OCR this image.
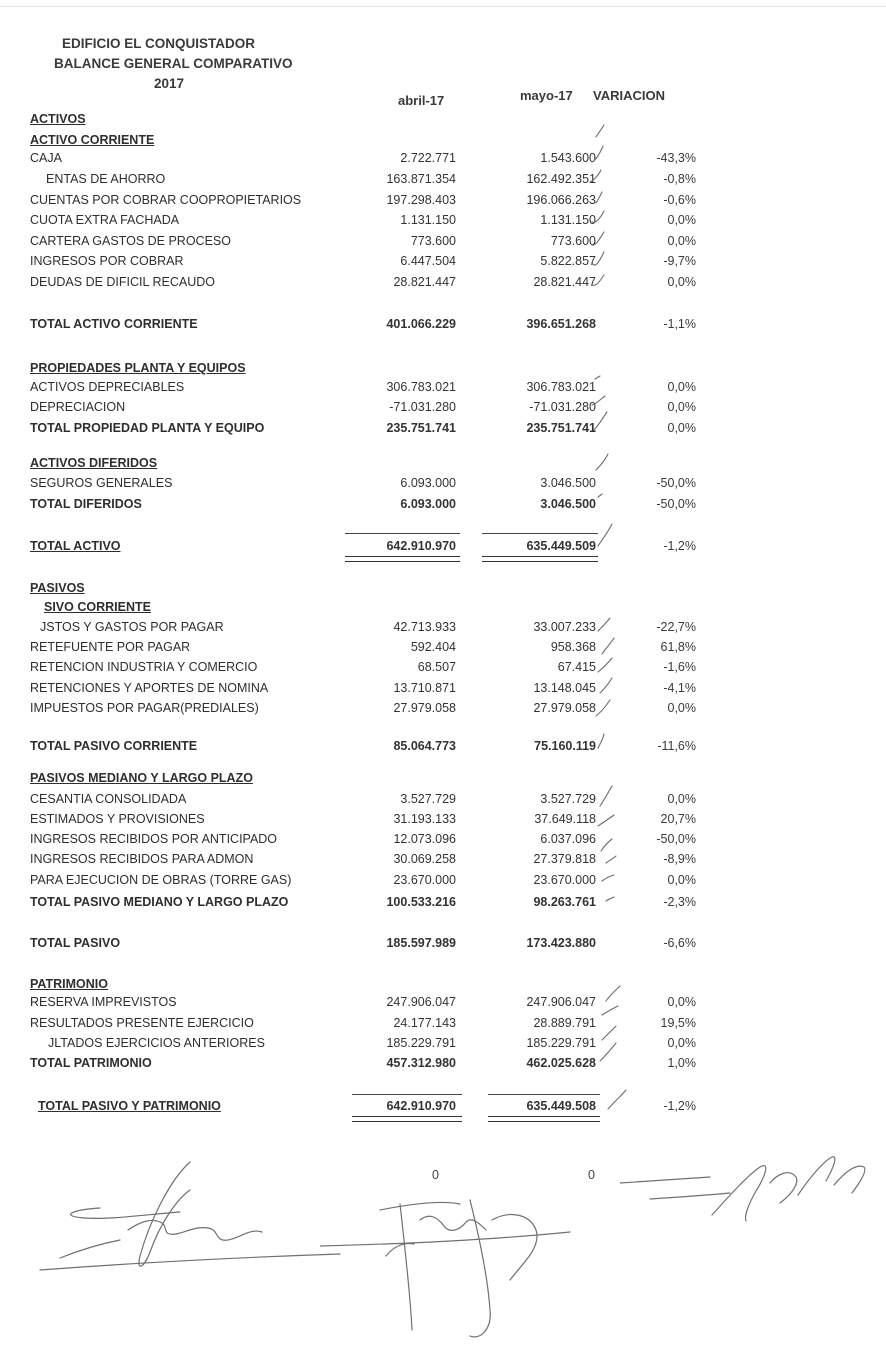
EDIFICIO EL CONQUISTADOR
BALANCE GENERAL COMPARATIVO
2017
abril-17	mayo-17 VARIACION
ACTIVOS
ACTIVO CORRIENTE
CAJA	2.722.771	1.543.600	-43,3%
ENTAS DE AHORRO	163.871.354	162.492.351	-0,8%
CUENTAS POR COBRAR COOPROPIETARIOS	197.298.403	196.066.263	-0,6%
CUOTA EXTRA FACHADA	1.131.150	1.131.150	0,0%
CARTERA GASTOS DE PROCESO	773.600	773.600	0,0%
INGRESOS POR COBRAR	6.447.504	5.822.857	-9,7%
DEUDAS DE DIFICIL RECAUDO	28.821.447	28.821.447	0,0%
TOTAL ACTIVO CORRIENTE	401.066.229	396.651.268	-1,1%
PROPIEDADES PLANTA Y EQUIPOS
ACTIVOS DEPRECIABLES	306.783.021	306.783.021	0,0%
DEPRECIACION	-71.031.280	-71.031.280	0,0%
TOTAL PROPIEDAD PLANTA Y EQUIPO	235.751.741	235.751.741	0,0%
ACTIVOS DIFERIDOS
SEGUROS GENERALES	6.093.000	3.046.500	-50,0%
TOTAL DIFERIDOS	6.093.000	3.046.500	-50,0%
TOTAL ACTIVO	642.910.970	635.449.509	-1,2%
PASIVOS
SIVO CORRIENTE
JSTOS Y GASTOS POR PAGAR	42.713.933	33.007.233	-22,7%
RETEFUENTE POR PAGAR	592.404	958.368	61,8%
RETENCION INDUSTRIA Y COMERCIO	68.507	67.415	-1,6%
RETENCIONES Y APORTES DE NOMINA	13.710.871	13.148.045	-4,1%
IMPUESTOS POR PAGAR(PREDIALES)	27.979.058	27.979.058	0,0%
TOTAL PASIVO CORRIENTE	85.064.773	75.160.119	-11,6%
PASIVOS MEDIANO Y LARGO PLAZO
CESANTIA CONSOLIDADA	3.527.729	3.527.729	0,0%
ESTIMADOS Y PROVISIONES	31.193.133	37.649.118	20,7%
INGRESOS RECIBIDOS POR ANTICIPADO	12.073.096	6.037.096	-50,0%
INGRESOS RECIBIDOS PARA ADMON	30.069.258	27.379.818	-8,9%
PARA EJECUCION DE OBRAS (TORRE GAS)	23.670.000	23.670.000	0,0%
TOTAL PASIVO MEDIANO Y LARGO PLAZO	100.533.216	98.263.761	-2,3%
TOTAL PASIVO	185.597.989	173.423.880	-6,6%
PATRIMONIO
RESERVA IMPREVISTOS	247.906.047	247.906.047	0,0%
RESULTADOS PRESENTE EJERCICIO	24.177.143	28.889.791	19,5%
JLTADOS EJERCICIOS ANTERIORES	185.229.791	185.229.791	0,0%
TOTAL PATRIMONIO	457.312.980	462.025.628	1,0%
TOTAL PASIVO Y PATRIMONIO	642.910.970	635.449.508	-1,2%
0	0
